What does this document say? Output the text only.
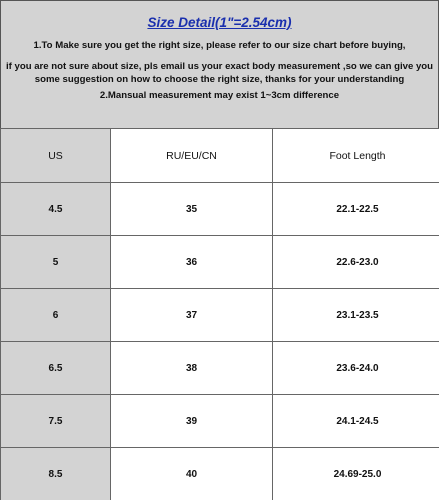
Size Detail(1"=2.54cm)
1.To Make sure you get the right size, please refer to our size chart before buying,
if you are not sure about size, pls email us your exact body measurement ,so we can give you some suggestion on how to choose the right size, thanks for your understanding
2.Mansual measurement may exist 1~3cm difference
US	RU/EU/CN	Foot Length
4.5	35	22.1-22.5
5	36	22.6-23.0
6	37	23.1-23.5
6.5	38	23.6-24.0
7.5	39	24.1-24.5
8.5	40	24.69-25.0
